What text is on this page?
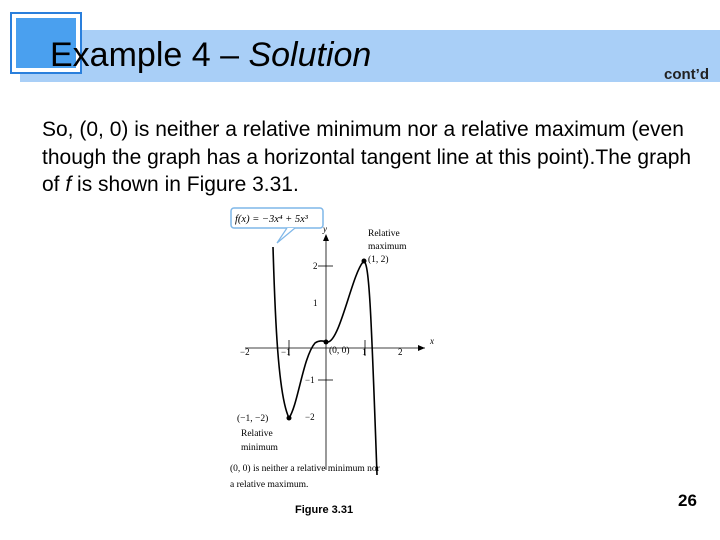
Example 4 – Solution
cont’d
So, (0, 0) is neither a relative minimum nor a relative maximum (even though the graph has a horizontal tangent line at this point).The graph of f is shown in Figure 3.31.
f(x) = −3x⁴ + 5x³
y
x
−2	−1	1	2
2
1
−1
−2
Relative
maximum
(1, 2)
(0, 0)
(−1, −2)
Relative
minimum
(0, 0) is neither a relative minimum nor
a relative maximum.
Figure 3.31	26
